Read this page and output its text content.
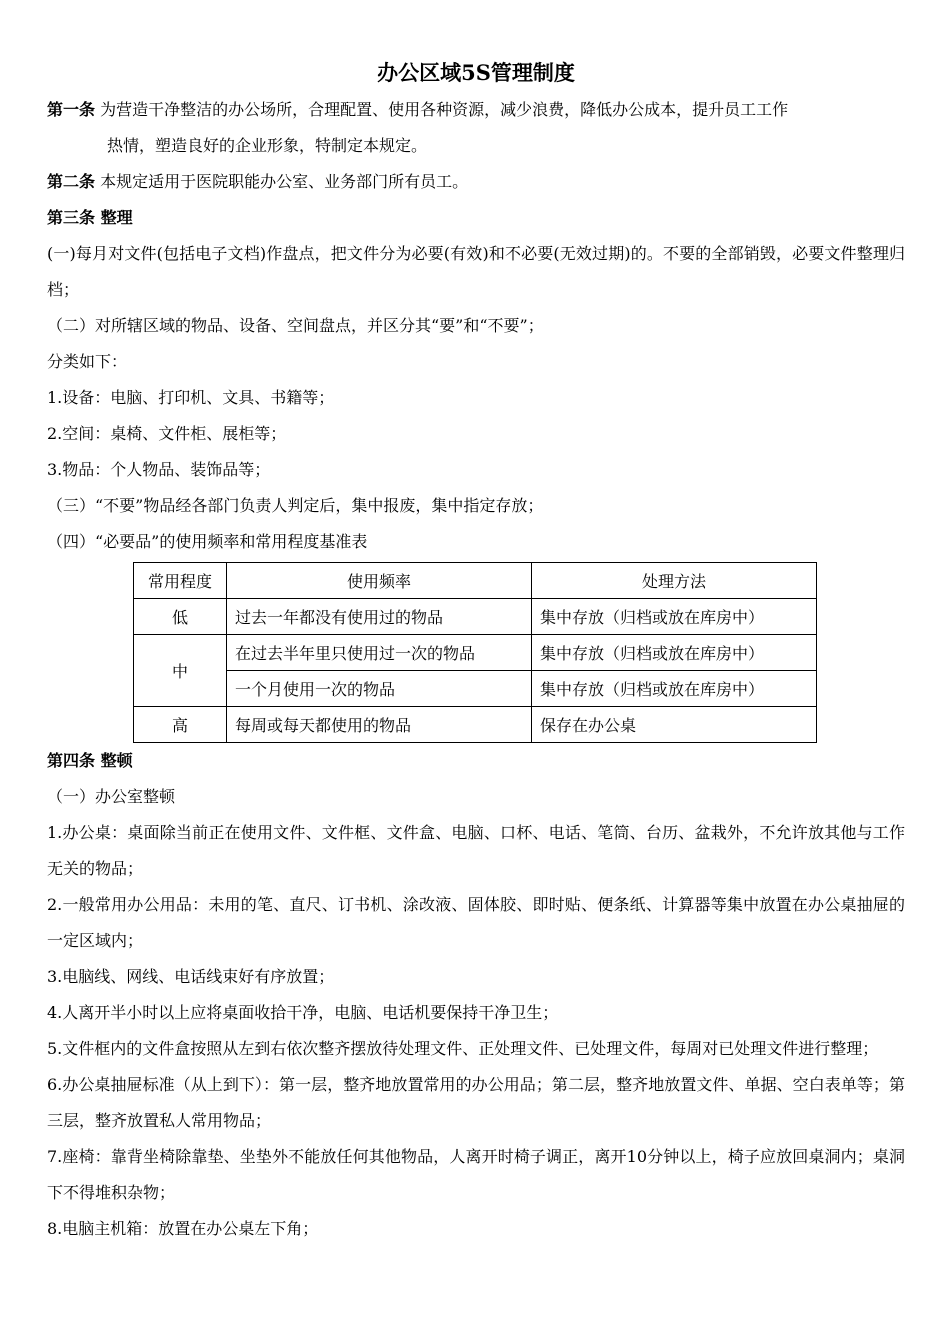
办公区域5S管理制度
第一条 为营造干净整洁的办公场所，合理配置、使用各种资源，减少浪费，降低办公成本，提升员工工作
热情，塑造良好的企业形象，特制定本规定。
第二条 本规定适用于医院职能办公室、业务部门所有员工。
第三条 整理
(一)每月对文件(包括电子文档)作盘点，把文件分为必要(有效)和不必要(无效过期)的。不要的全部销毁，必要文件整理归档；
（二）对所辖区域的物品、设备、空间盘点，并区分其“要”和“不要”；
分类如下：
1.设备：电脑、打印机、文具、书籍等；
2.空间：桌椅、文件柜、展柜等；
3.物品：个人物品、装饰品等；
（三）“不要”物品经各部门负责人判定后，集中报废，集中指定存放；
（四）“必要品”的使用频率和常用程度基准表
常用程度	使用频率	处理方法
低	过去一年都没有使用过的物品	集中存放（归档或放在库房中）
中	在过去半年里只使用过一次的物品	集中存放（归档或放在库房中）
	一个月使用一次的物品	集中存放（归档或放在库房中）
高	每周或每天都使用的物品	保存在办公桌
第四条 整顿
（一）办公室整顿
1.办公桌：桌面除当前正在使用文件、文件框、文件盒、电脑、口杯、电话、笔筒、台历、盆栽外，不允许放其他与工作无关的物品；
2.一般常用办公用品：未用的笔、直尺、订书机、涂改液、固体胶、即时贴、便条纸、计算器等集中放置在办公桌抽屉的一定区域内；
3.电脑线、网线、电话线束好有序放置；
4.人离开半小时以上应将桌面收拾干净，电脑、电话机要保持干净卫生；
5.文件框内的文件盒按照从左到右依次整齐摆放待处理文件、正处理文件、已处理文件，每周对已处理文件进行整理；
6.办公桌抽屉标准（从上到下）：第一层，整齐地放置常用的办公用品；第二层，整齐地放置文件、单据、空白表单等；第三层，整齐放置私人常用物品；
7.座椅：靠背坐椅除靠垫、坐垫外不能放任何其他物品，人离开时椅子调正，离开10分钟以上，椅子应放回桌洞内；桌洞下不得堆积杂物；
8.电脑主机箱：放置在办公桌左下角；
